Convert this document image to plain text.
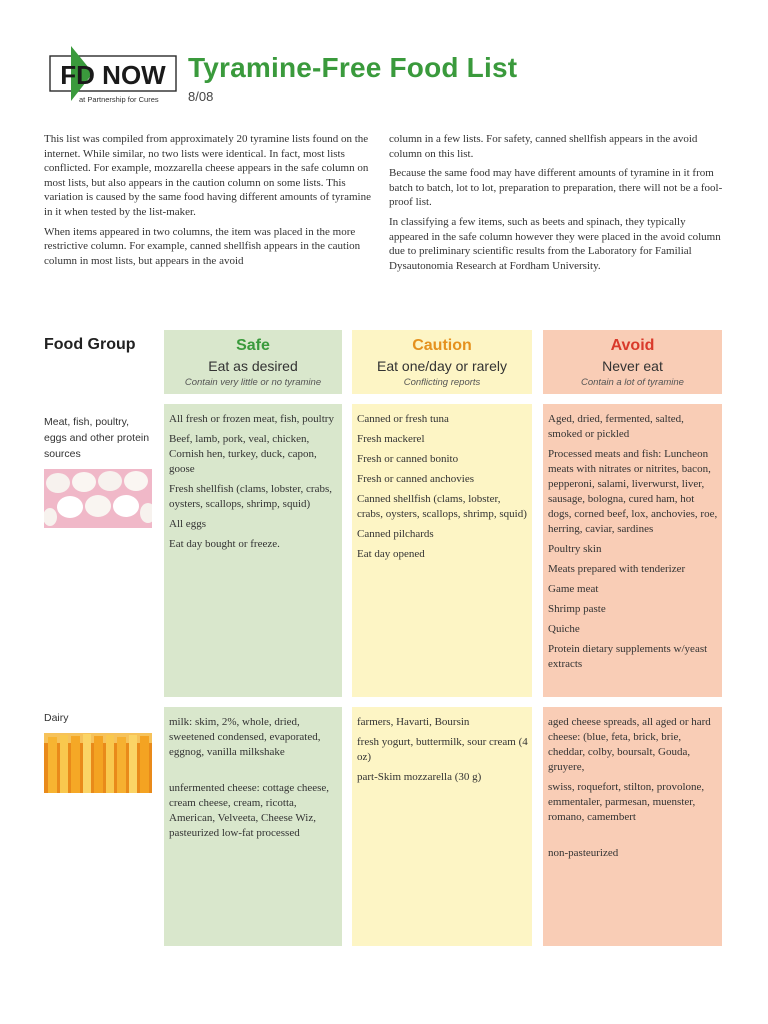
FD NOW
at Partnership for Cures
Tyramine-Free Food List
8/08

This list was compiled from approximately 20 tyramine lists found on the internet. While similar, no two lists were identical. In fact, most lists conflicted. For example, mozzarella cheese appears in the safe column on most lists, but also appears in the caution column on some lists. This variation is caused by the same food having different amounts of tyramine in it when tested by the list-maker.

When items appeared in two columns, the item was placed in the more restrictive column. For example, canned shellfish appears in the caution column in most lists, but appears in the avoid

column in a few lists. For safety, canned shellfish appears in the avoid column on this list.

Because the same food may have different amounts of tyramine in it from batch to batch, lot to lot, preparation to preparation, there will not be a fool-proof list.

In classifying a few items, such as beets and spinach, they typically appeared in the safe column however they were placed in the avoid column due to preliminary scientific results from the Laboratory for Familial Dysautonomia Research at Fordham University.

Food Group	Safe
Eat as desired
Contain very little or no tyramine
Caution
Eat one/day or rarely
Conflicting reports
Avoid
Never eat
Contain a lot of tyramine
Meat, fish, poultry, eggs and other protein sources

All fresh or frozen meat, fish, poultry

Beef, lamb, pork, veal, chicken, Cornish hen, turkey, duck, capon, goose

Fresh shellfish (clams, lobster, crabs, oysters, scallops, shrimp, squid)

All eggs

Eat day bought or freeze.

Canned or fresh tuna

Fresh mackerel

Fresh or canned bonito

Fresh or canned anchovies

Canned shellfish (clams, lobster, crabs, oysters, scallops, shrimp, squid)

Canned pilchards

Eat day opened

Aged, dried, fermented, salted, smoked or pickled

Processed meats and fish: Luncheon meats with nitrates or nitrites, bacon, pepperoni, salami, liverwurst, liver, sausage, bologna, cured ham, hot dogs, corned beef, lox, anchovies, roe, herring, caviar, sardines

Poultry skin

Meats prepared with tenderizer

Game meat

Shrimp paste

Quiche

Protein dietary supplements w/yeast extracts

Dairy	milk: skim, 2%, whole, dried, sweetened condensed, evaporated, eggnog, vanilla milkshake

unfermented cheese: cottage cheese, cream cheese, cream, ricotta, American, Velveeta, Cheese Wiz, pasteurized low-fat processed

farmers, Havarti, Boursin

fresh yogurt, buttermilk, sour cream (4 oz)

part-Skim mozzarella (30 g)

aged cheese spreads, all aged or hard cheese: (blue, feta, brick, brie, cheddar, colby, boursalt, Gouda, gruyere,

swiss, roquefort, stilton, provolone, emmentaler, parmesan, muenster, romano, camembert

non-pasteurized
